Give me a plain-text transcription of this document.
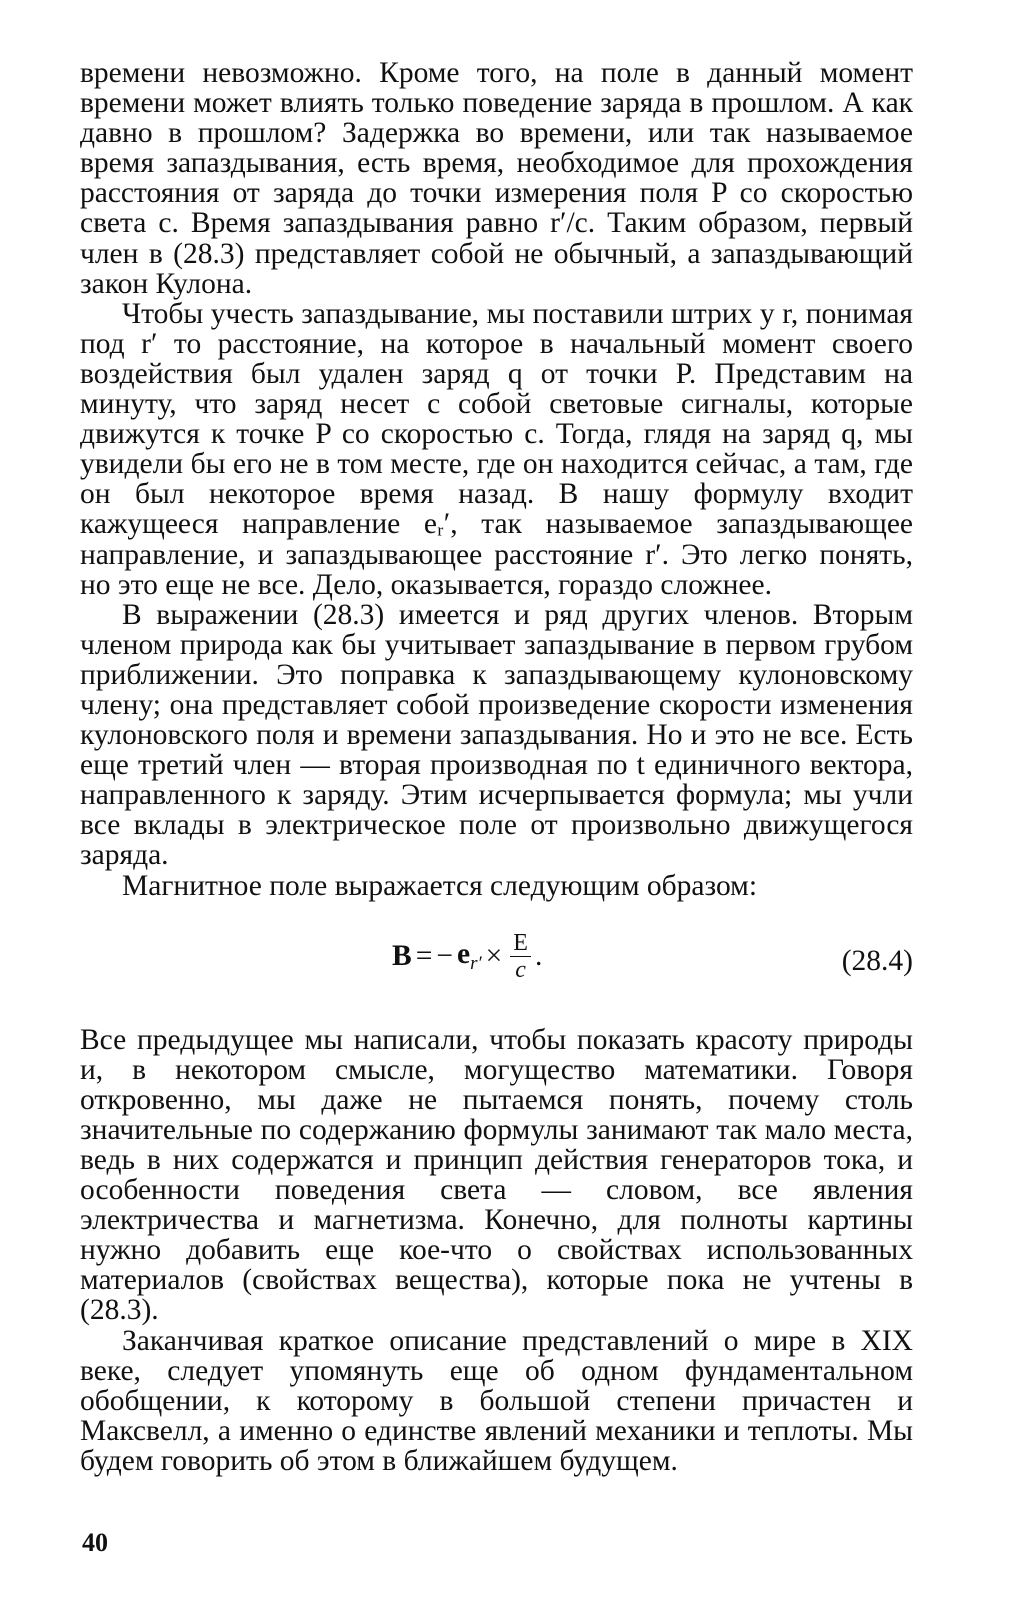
времени невозможно. Кроме того, на поле в данный момент времени может влиять только поведение заряда в прошлом. А как давно в прошлом? Задержка во времени, или так называемое время запаздывания, есть время, необходимое для прохождения расстояния от заряда до точки измерения поля P со скоростью света c. Время запаздывания равно r′/c. Таким образом, первый член в (28.3) представляет собой не обычный, а запаздывающий закон Кулона.

Чтобы учесть запаздывание, мы поставили штрих у r, понимая под r′ то расстояние, на которое в начальный момент своего воздействия был удален заряд q от точки P. Представим на минуту, что заряд несет с собой световые сигналы, которые движутся к точке P со скоростью c. Тогда, глядя на заряд q, мы увидели бы его не в том месте, где он находится сейчас, а там, где он был некоторое время назад. В нашу формулу входит кажущееся направление eᵣ′, так называемое запаздывающее направление, и запаздывающее расстояние r′. Это легко понять, но это еще не все. Дело, оказывается, гораздо сложнее.

В выражении (28.3) имеется и ряд других членов. Вторым членом природа как бы учитывает запаздывание в первом грубом приближении. Это поправка к запаздывающему кулоновскому члену; она представляет собой произведение скорости изменения кулоновского поля и времени запаздывания. Но и это не все. Есть еще третий член — вторая производная по t единичного вектора, направленного к заряду. Этим исчерпывается формула; мы учли все вклады в электрическое поле от произвольно движущегося заряда.

Магнитное поле выражается следующим образом:

B = − $e_{r'} \times \frac{E}{c}$ .	(28.4)

Все предыдущее мы написали, чтобы показать красоту природы и, в некотором смысле, могущество математики. Говоря откровенно, мы даже не пытаемся понять, почему столь значительные по содержанию формулы занимают так мало места, ведь в них содержатся и принцип действия генераторов тока, и особенности поведения света — словом, все явления электричества и магнетизма. Конечно, для полноты картины нужно добавить еще кое-что о свойствах использованных материалов (свойствах вещества), которые пока не учтены в (28.3).

Заканчивая краткое описание представлений о мире в XIX веке, следует упомянуть еще об одном фундаментальном обобщении, к которому в большой степени причастен и Максвелл, а именно о единстве явлений механики и теплоты. Мы будем говорить об этом в ближайшем будущем.

40
